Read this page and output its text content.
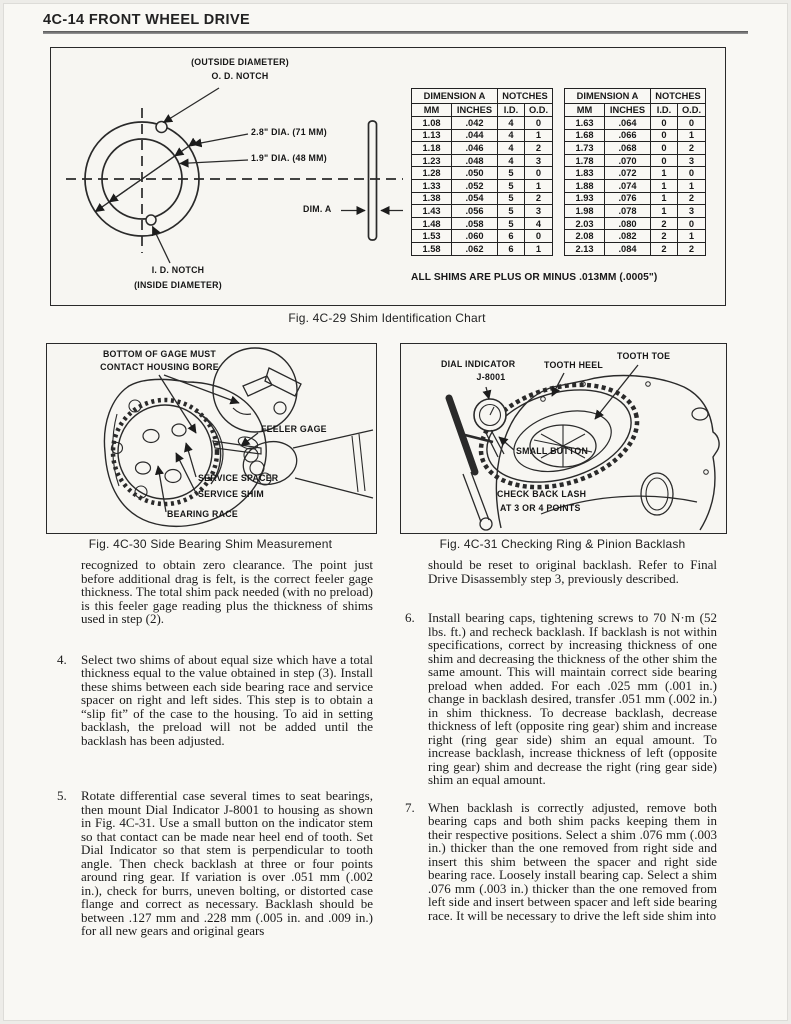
4C-14 FRONT WHEEL DRIVE
(OUTSIDE DIAMETER)
O. D. NOTCH
2.8" DIA. (71 MM)
1.9" DIA. (48 MM)
DIM. A
I. D. NOTCH
(INSIDE DIAMETER)
DIMENSION A		NOTCHES	
MM	INCHES	I.D.	O.D.
1.08	.042	4	0
1.13	.044	4	1
1.18	.046	4	2
1.23	.048	4	3
1.28	.050	5	0
1.33	.052	5	1
1.38	.054	5	2
1.43	.056	5	3
1.48	.058	5	4
1.53	.060	6	0
1.58	.062	6	1
DIMENSION A		NOTCHES	
MM	INCHES	I.D.	O.D.
1.63	.064	0	0
1.68	.066	0	1
1.73	.068	0	2
1.78	.070	0	3
1.83	.072	1	0
1.88	.074	1	1
1.93	.076	1	2
1.98	.078	1	3
2.03	.080	2	0
2.08	.082	2	1
2.13	.084	2	2
ALL SHIMS ARE PLUS OR MINUS .013MM (.0005")
Fig. 4C-29 Shim Identification Chart
BOTTOM OF GAGE MUST
CONTACT HOUSING BORE
FEELER GAGE
SERVICE SPACER
SERVICE SHIM
BEARING RACE
Fig. 4C-30 Side Bearing Shim Measurement
DIAL INDICATOR
J-8001
TOOTH HEEL
TOOTH TOE
SMALL BUTTON
CHECK BACK LASH
AT 3 OR 4 POINTS
Fig. 4C-31 Checking Ring & Pinion Backlash

recognized to obtain zero clearance. The point just before additional drag is felt, is the correct feeler gage thickness. The total shim pack needed (with no preload) is this feeler gage reading plus the thickness of shims used in step (2).

4. Select two shims of about equal size which have a total thickness equal to the value obtained in step (3). Install these shims between each side bearing race and service spacer on right and left sides. This step is to obtain a “slip fit” of the case to the housing. To aid in setting backlash, the preload will not be added until the backlash has been adjusted.

5. Rotate differential case several times to seat bearings, then mount Dial Indicator J-8001 to housing as shown in Fig. 4C-31. Use a small button on the indicator stem so that contact can be made near heel end of tooth. Set Dial Indicator so that stem is perpendicular to tooth angle. Then check backlash at three or four points around ring gear. If variation is over .051 mm (.002 in.), check for burrs, uneven bolting, or distorted case flange and correct as necessary. Backlash should be between .127 mm and .228 mm (.005 in. and .009 in.) for all new gears and original gears

should be reset to original backlash. Refer to Final Drive Disassembly step 3, previously described.

6. Install bearing caps, tightening screws to 70 N·m (52 lbs. ft.) and recheck backlash. If backlash is not within specifications, correct by increasing thickness of one shim and decreasing the thickness of the other shim the same amount. This will maintain correct side bearing preload when added. For each .025 mm (.001 in.) change in backlash desired, transfer .051 mm (.002 in.) in shim thickness. To decrease backlash, decrease thickness of left (opposite ring gear) shim and increase right (ring gear side) shim an equal amount. To increase backlash, increase thickness of left (opposite ring gear) shim and decrease the right (ring gear side) shim an equal amount.

7. When backlash is correctly adjusted, remove both bearing caps and both shim packs keeping them in their respective positions. Select a shim .076 mm (.003 in.) thicker than the one removed from right side and insert this shim between the spacer and right side bearing race. Loosely install bearing cap. Select a shim .076 mm (.003 in.) thicker than the one removed from left side and insert between spacer and left side bearing race. It will be necessary to drive the left side shim into
